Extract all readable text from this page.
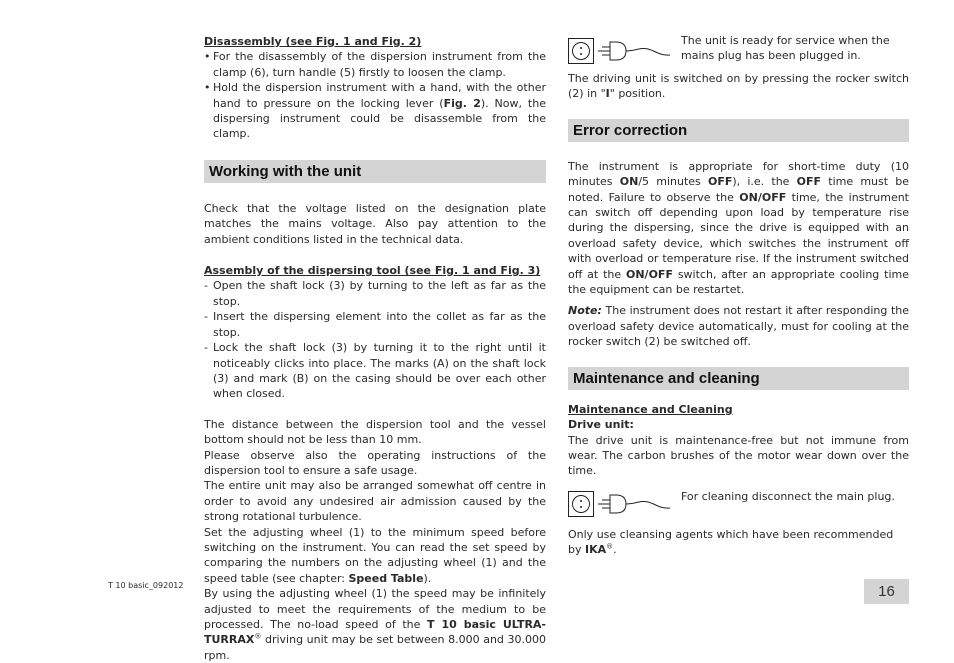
Disassembly (see Fig. 1 and Fig. 2)
• For the disassembly of the dispersion instrument from the clamp (6), turn handle (5) firstly to loosen the clamp.
• Hold the dispersion instrument with a hand, with the other hand to pressure on the locking lever (Fig. 2). Now, the dispersing instrument could be disassemble from the clamp.
Working with the unit

Check that the voltage listed on the designation plate matches the mains voltage. Also pay attention to the ambient conditions listed in the technical data.

Assembly of the dispersing tool (see Fig. 1 and Fig. 3)
- Open the shaft lock (3) by turning to the left as far as the stop.
- Insert the dispersing element into the collet as far as the stop.
- Lock the shaft lock (3) by turning it to the right until it noticeably clicks into place. The marks (A) on the shaft lock (3) and mark (B) on the casing should be over each other when closed.

The distance between the dispersion tool and the vessel bottom should not be less than 10 mm.

Please observe also the operating instructions of the dispersion tool to ensure a safe usage.

The entire unit may also be arranged somewhat off centre in order to avoid any undesired air admission caused by the strong rotational turbulence.

Set the adjusting wheel (1) to the minimum speed before switching on the instrument. You can read the set speed by comparing the numbers on the adjusting wheel (1) and the speed table (see chapter: Speed Table).

By using the adjusting wheel (1) the speed may be infinitely adjusted to meet the requirements of the medium to be processed. The no-load speed of the T 10 basic ULTRA-TURRAX® driving unit may be set between 8.000 and 30.000 rpm.

The unit is ready for service when the mains plug has been plugged in.

The driving unit is switched on by pressing the rocker switch (2) in "I" position.

Error correction

The instrument is appropriate for short-time duty (10 minutes ON/5 minutes OFF), i.e. the OFF time must be noted. Failure to observe the ON/OFF time, the instrument can switch off depending upon load by temperature rise during the dispersing, since the drive is equipped with an overload safety device, which switches the instrument off with overload or temperature rise. If the instrument switched off at the ON/OFF switch, after an appropriate cooling time the equipment can be restartet.

Note: The instrument does not restart it after responding the overload safety device automatically, must for cooling at the rocker switch (2) be switched off.

Maintenance and cleaning
Maintenance and Cleaning
Drive unit:

The drive unit is maintenance-free but not immune from wear. The carbon brushes of the motor wear down over the time.

For cleaning disconnect the main plug.

Only use cleansing agents which have been recommended by IKA®.

T 10 basic_092012	16
